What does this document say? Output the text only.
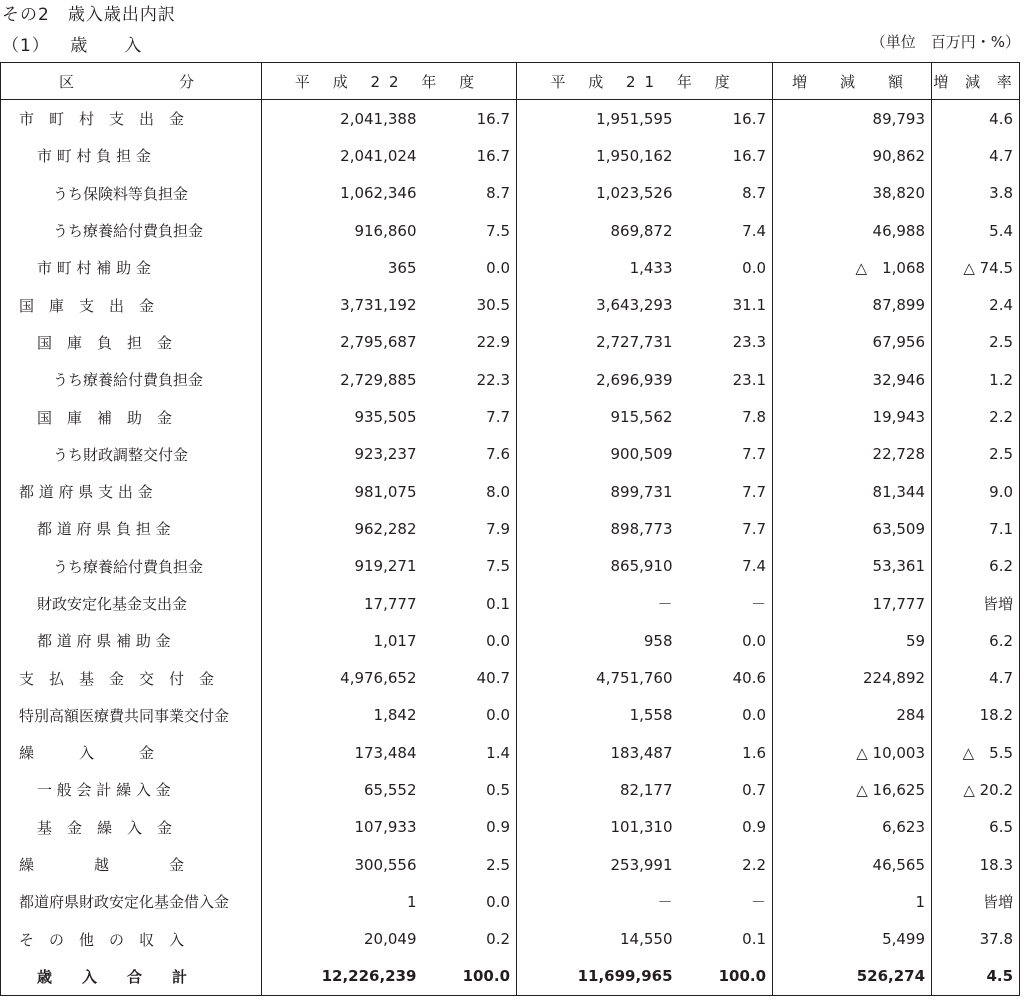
その2　歳入歳出内訳
（1） 歳　　入	（単位　百万円・%）
区　　　　分	平 成 22 年 度		平 成 21 年 度		増　減　額	増 減 率
市　町　村　支　出　金	2,041,388	16.7	1,951,595	16.7	89,793	4.6
市 町 村 負 担 金	2,041,024	16.7	1,950,162	16.7	90,862	4.7
うち保険料等負担金	1,062,346	8.7	1,023,526	8.7	38,820	3.8
うち療養給付費負担金	916,860	7.5	869,872	7.4	46,988	5.4
市 町 村 補 助 金	365	0.0	1,433	0.0	△　1,068	△ 74.5
国　庫　支　出　金	3,731,192	30.5	3,643,293	31.1	87,899	2.4
国　庫　負　担　金	2,795,687	22.9	2,727,731	23.3	67,956	2.5
うち療養給付費負担金	2,729,885	22.3	2,696,939	23.1	32,946	1.2
国　庫　補　助　金	935,505	7.7	915,562	7.8	19,943	2.2
うち財政調整交付金	923,237	7.6	900,509	7.7	22,728	2.5
都 道 府 県 支 出 金	981,075	8.0	899,731	7.7	81,344	9.0
都 道 府 県 負 担 金	962,282	7.9	898,773	7.7	63,509	7.1
うち療養給付費負担金	919,271	7.5	865,910	7.4	53,361	6.2
財政安定化基金支出金	17,777	0.1	－	－	17,777	皆増
都 道 府 県 補 助 金	1,017	0.0	958	0.0	59	6.2
支　払　基　金　交　付　金	4,976,652	40.7	4,751,760	40.6	224,892	4.7
特別高額医療費共同事業交付金	1,842	0.0	1,558	0.0	284	18.2
繰　　　入　　　金	173,484	1.4	183,487	1.6	△ 10,003	△　5.5
一 般 会 計 繰 入 金	65,552	0.5	82,177	0.7	△ 16,625	△ 20.2
基　金　繰　入　金	107,933	0.9	101,310	0.9	6,623	6.5
繰　　　　越　　　　金	300,556	2.5	253,991	2.2	46,565	18.3
都道府県財政安定化基金借入金	1	0.0	－	－	1	皆増
そ　の　他　の　収　入	20,049	0.2	14,550	0.1	5,499	37.8
歳　　入　　合　　計	12,226,239	100.0	11,699,965	100.0	526,274	4.5
